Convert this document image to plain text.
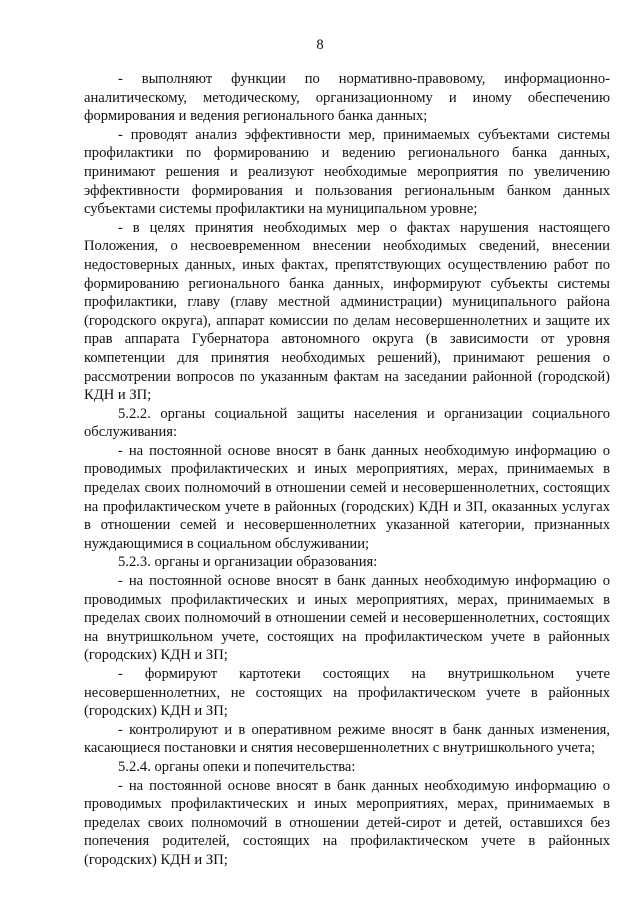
8

- выполняют функции по нормативно-правовому, информационно-аналитическому, методическому, организационному и иному обеспечению формирования и ведения регионального банка данных;

- проводят анализ эффективности мер, принимаемых субъектами системы профилактики по формированию и ведению регионального банка данных, принимают решения и реализуют необходимые мероприятия по увеличению эффективности формирования и пользования региональным банком данных субъектами системы профилактики на муниципальном уровне;

- в целях принятия необходимых мер о фактах нарушения настоящего Положения, о несвоевременном внесении необходимых сведений, внесении недостоверных данных, иных фактах, препятствующих осуществлению работ по формированию регионального банка данных, информируют субъекты системы профилактики, главу (главу местной администрации) муниципального района (городского округа), аппарат комиссии по делам несовершеннолетних и защите их прав аппарата Губернатора автономного округа (в зависимости от уровня компетенции для принятия необходимых решений), принимают решения о рассмотрении вопросов по указанным фактам на заседании районной (городской) КДН и ЗП;

5.2.2. органы социальной защиты населения и организации социального обслуживания:

- на постоянной основе вносят в банк данных необходимую информацию о проводимых профилактических и иных мероприятиях, мерах, принимаемых в пределах своих полномочий в отношении семей и несовершеннолетних, состоящих на профилактическом учете в районных (городских) КДН и ЗП, оказанных услугах в отношении семей и несовершеннолетних указанной категории, признанных нуждающимися в социальном обслуживании;

5.2.3. органы и организации образования:

- на постоянной основе вносят в банк данных необходимую информацию о проводимых профилактических и иных мероприятиях, мерах, принимаемых в пределах своих полномочий в отношении семей и несовершеннолетних, состоящих на внутришкольном учете, состоящих на профилактическом учете в районных (городских) КДН и ЗП;

- формируют картотеки состоящих на внутришкольном учете несовершеннолетних, не состоящих на профилактическом учете в районных (городских) КДН и ЗП;

- контролируют и в оперативном режиме вносят в банк данных изменения, касающиеся постановки и снятия несовершеннолетних с внутришкольного учета;

5.2.4. органы опеки и попечительства:

- на постоянной основе вносят в банк данных необходимую информацию о проводимых профилактических и иных мероприятиях, мерах, принимаемых в пределах своих полномочий в отношении детей-сирот и детей, оставшихся без попечения родителей, состоящих на профилактическом учете в районных (городских) КДН и ЗП;
